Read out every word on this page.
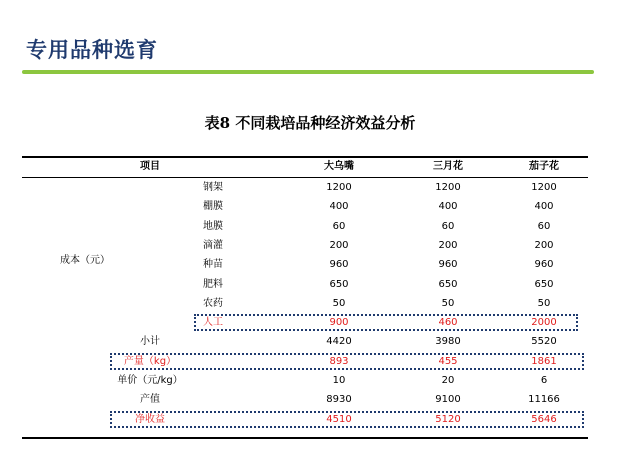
专用品种选育
表8 不同栽培品种经济效益分析
项目	大乌嘴	三月花	茄子花
成本（元）
钢架	1200	1200	1200
棚膜	400	400	400
地膜	60	60	60
滴灌	200	200	200
种苗	960	960	960
肥料	650	650	650
农药	50	50	50
人工	900	460	2000
小计	4420	3980	5520
产量（kg）	893	455	1861
单价（元/kg）	10	20	6
产值	8930	9100	11166
净收益	4510	5120	5646
